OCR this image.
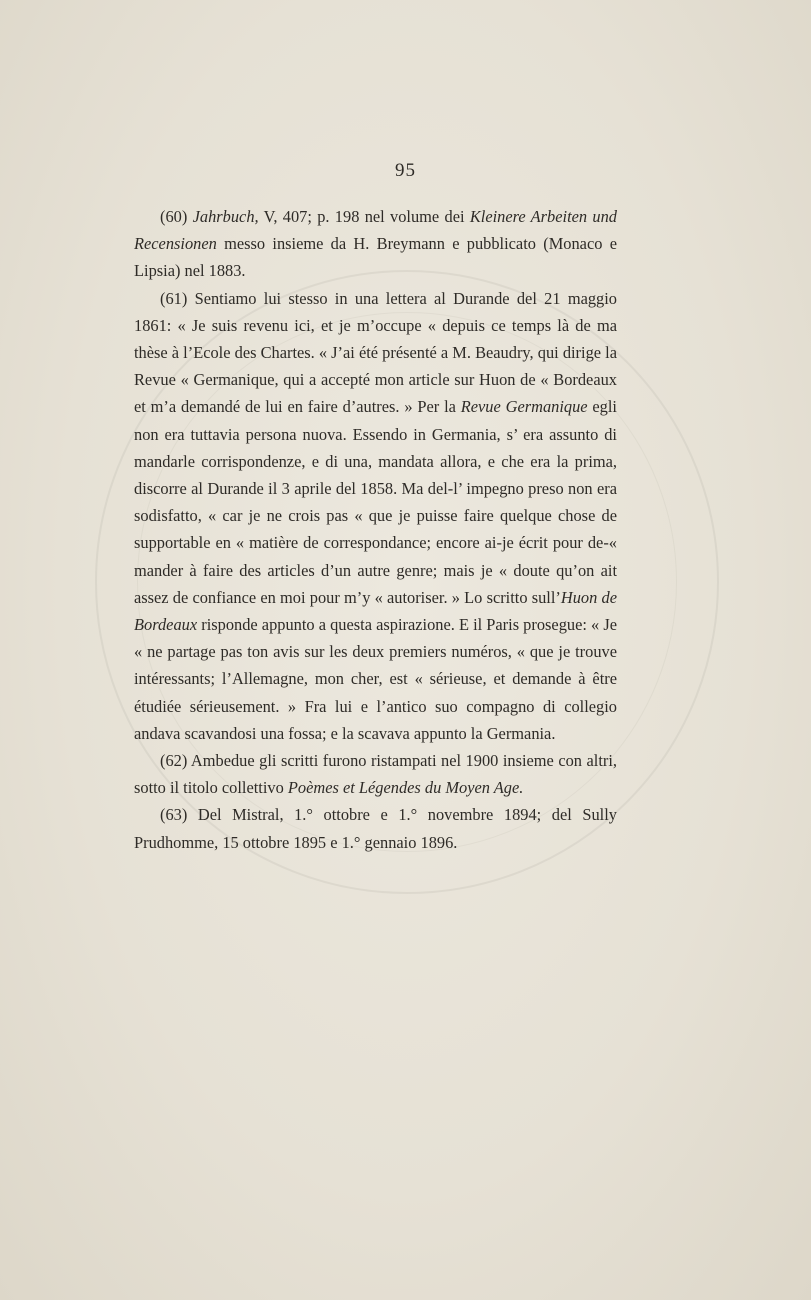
95

(60) Jahrbuch, V, 407; p. 198 nel volume dei Kleinere Arbeiten und Recensionen messo insieme da H. Breymann e pubblicato (Monaco e Lipsia) nel 1883.

(61) Sentiamo lui stesso in una lettera al Durande del 21 maggio 1861: « Je suis revenu ici, et je m’occupe « depuis ce temps là de ma thèse à l’Ecole des Chartes. « J’ai été présenté a M. Beaudry, qui dirige la Revue « Germanique, qui a accepté mon article sur Huon de « Bordeaux et m’a demandé de lui en faire d’autres. » Per la Revue Germanique egli non era tuttavia persona nuova. Essendo in Germania, s’ era assunto di mandarle corrispondenze, e di una, mandata allora, e che era la prima, discorre al Durande il 3 aprile del 1858. Ma del-l’ impegno preso non era sodisfatto, « car je ne crois pas « que je puisse faire quelque chose de supportable en « matière de correspondance; encore ai-je écrit pour de-« mander à faire des articles d’un autre genre; mais je « doute qu’on ait assez de confiance en moi pour m’y « autoriser. » Lo scritto sull’Huon de Bordeaux risponde appunto a questa aspirazione. E il Paris prosegue: « Je « ne partage pas ton avis sur les deux premiers numéros, « que je trouve intéressants; l’Allemagne, mon cher, est « sérieuse, et demande à être étudiée sérieusement. » Fra lui e l’antico suo compagno di collegio andava scavandosi una fossa; e la scavava appunto la Germania.

(62) Ambedue gli scritti furono ristampati nel 1900 insieme con altri, sotto il titolo collettivo Poèmes et Légendes du Moyen Age.

(63) Del Mistral, 1.° ottobre e 1.° novembre 1894; del Sully Prudhomme, 15 ottobre 1895 e 1.° gennaio 1896.
